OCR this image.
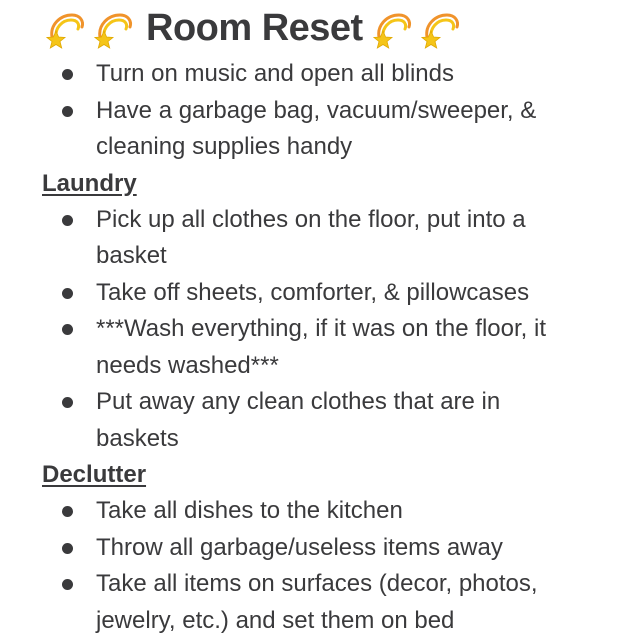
Room Reset
Turn on music and open all blinds
Have a garbage bag, vacuum/sweeper, & cleaning supplies handy
Laundry
Pick up all clothes on the floor, put into a basket
Take off sheets, comforter, & pillowcases
***Wash everything, if it was on the floor, it needs washed***
Put away any clean clothes that are in baskets
Declutter
Take all dishes to the kitchen
Throw all garbage/useless items away
Take all items on surfaces (decor, photos, jewelry, etc.) and set them on bed
